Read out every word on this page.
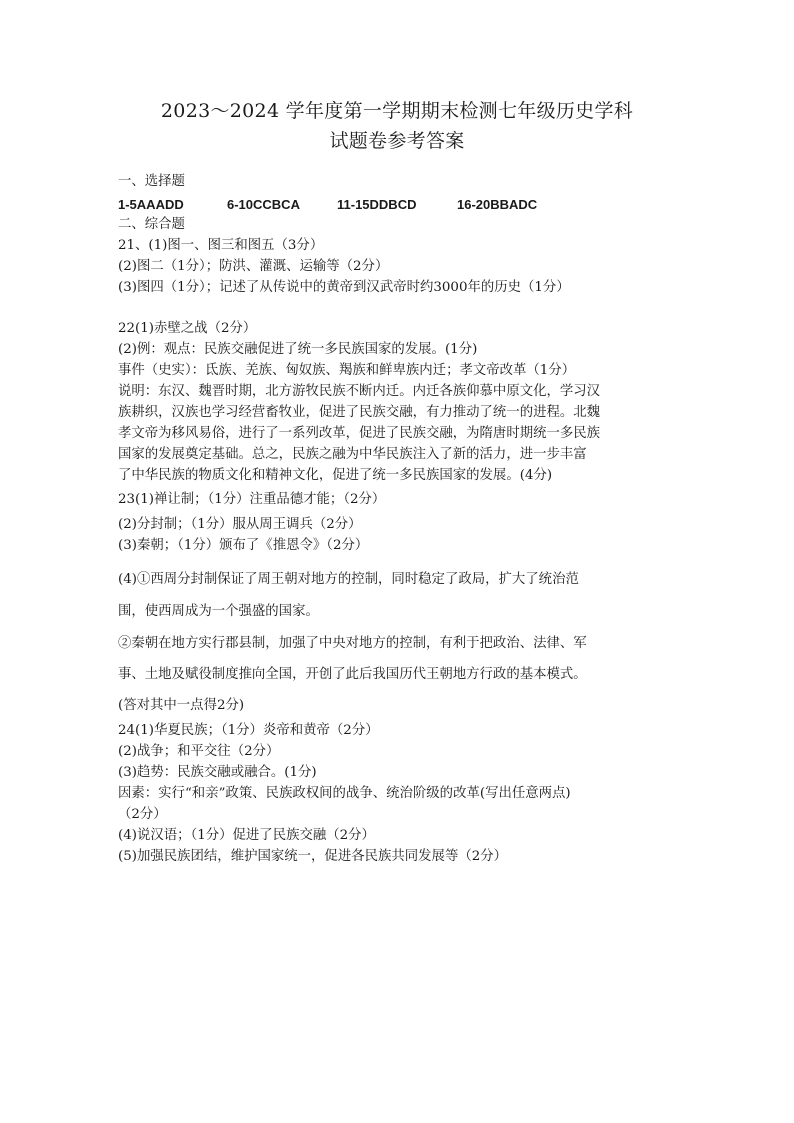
2023～2024 学年度第一学期期末检测七年级历史学科
试题卷参考答案
一、选择题
1-5AAADD	6-10CCBCA	11-15DDBCD	16-20BBADC
二、综合题
21、(1)图一、图三和图五（3分）
(2)图二（1分）；防洪、灌溉、运输等（2分）
(3)图四（1分）；记述了从传说中的黄帝到汉武帝时约3000年的历史（1分）
22(1)赤壁之战（2分）
(2)例：观点：民族交融促进了统一多民族国家的发展。(1分)
事件（史实）：氐族、羌族、匈奴族、羯族和鲜卑族内迁；孝文帝改革（1分）
说明：东汉、魏晋时期，北方游牧民族不断内迁。内迁各族仰慕中原文化，学习汉
族耕织，汉族也学习经营畜牧业，促进了民族交融，有力推动了统一的进程。北魏
孝文帝为移风易俗，进行了一系列改革，促进了民族交融，为隋唐时期统一多民族
国家的发展奠定基础。总之，民族之融为中华民族注入了新的活力，进一步丰富
了中华民族的物质文化和精神文化，促进了统一多民族国家的发展。(4分)
23(1)禅让制；（1分）注重品德才能；（2分）
(2)分封制；（1分）服从周王调兵（2分）
(3)秦朝；（1分）颁布了《推恩令》（2分）
(4)①西周分封制保证了周王朝对地方的控制，同时稳定了政局，扩大了统治范
围，使西周成为一个强盛的国家。
②秦朝在地方实行郡县制，加强了中央对地方的控制，有利于把政治、法律、军
事、土地及赋役制度推向全国，开创了此后我国历代王朝地方行政的基本模式。
(答对其中一点得2分)
24(1)华夏民族；（1分）炎帝和黄帝（2分）
(2)战争；和平交往（2分）
(3)趋势：民族交融或融合。(1分)
因素：实行“和亲”政策、民族政权间的战争、统治阶级的改革(写出任意两点)
（2分）
(4)说汉语；（1分）促进了民族交融（2分）
(5)加强民族团结，维护国家统一，促进各民族共同发展等（2分）
